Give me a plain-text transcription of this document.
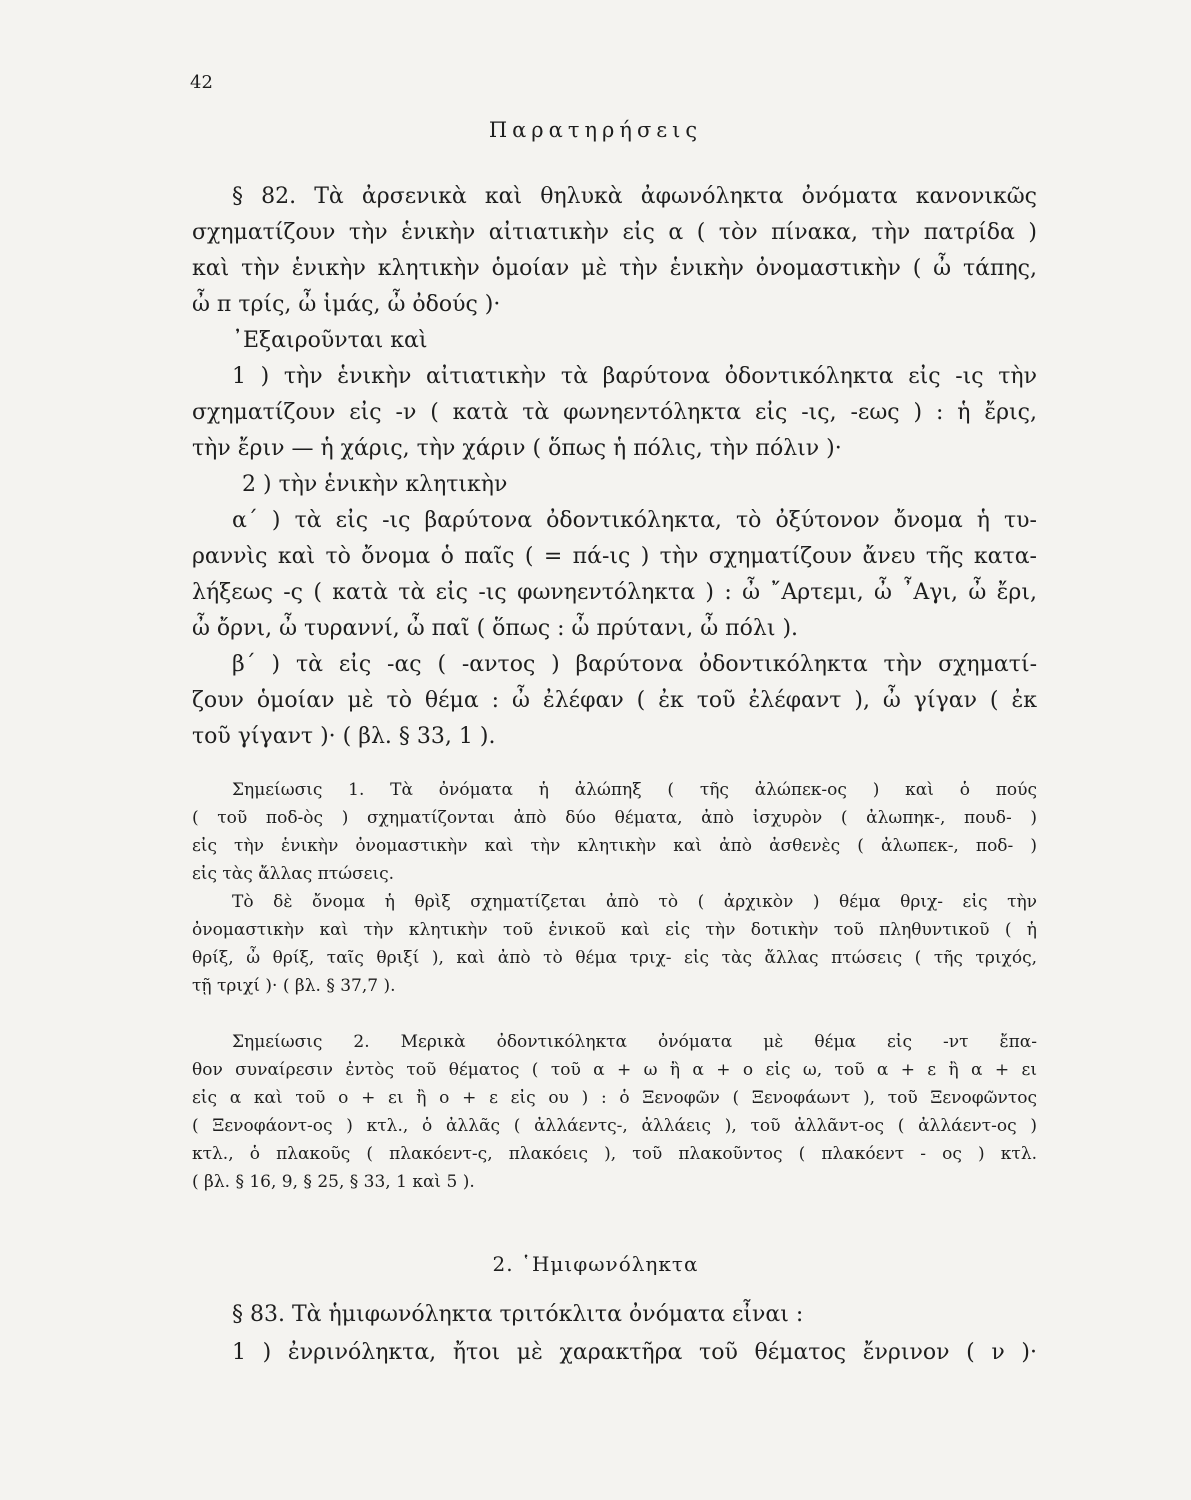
42
Παρατηρήσεις
§ 82. Τὰ ἀρσενικὰ καὶ θηλυκὰ ἀφωνόληκτα ὀνόματα κανονικῶς
σχηματίζουν τὴν ἑνικὴν αἰτιατικὴν εἰς α ( τὸν πίνακα, τὴν πατρίδα )
καὶ τὴν ἑνικὴν κλητικὴν ὁμοίαν μὲ τὴν ἑνικὴν ὀνομαστικὴν ( ὦ τάπης,
ὦ π τρίς, ὦ ἱμάς, ὦ ὀδούς )·
᾿Εξαιροῦνται καὶ
1 ) τὴν ἑνικὴν αἰτιατικὴν τὰ βαρύτονα ὀδοντικόληκτα εἰς -ις τὴν
σχηματίζουν εἰς -ν ( κατὰ τὰ φωνηεντόληκτα εἰς -ις, -εως ) : ἡ ἔρις,
τὴν ἔριν — ἡ χάρις, τὴν χάριν ( ὅπως ἡ πόλις, τὴν πόλιν )·
2 ) τὴν ἑνικὴν κλητικὴν
α΄ ) τὰ εἰς -ις βαρύτονα ὀδοντικόληκτα, τὸ ὀξύτονον ὄνομα ἡ τυ-
ραννὶς καὶ τὸ ὄνομα ὁ παῖς ( = πά-ις ) τὴν σχηματίζουν ἄνευ τῆς κατα-
λήξεως -ς ( κατὰ τὰ εἰς -ις φωνηεντόληκτα ) : ὦ ῎Αρτεμι, ὦ ῏Αγι, ὦ ἔρι,
ὦ ὄρνι, ὦ τυραννί, ὦ παῖ ( ὅπως : ὦ πρύτανι, ὦ πόλι ).
β΄ ) τὰ εἰς -ας ( -αντος ) βαρύτονα ὀδοντικόληκτα τὴν σχηματί-
ζουν ὁμοίαν μὲ τὸ θέμα : ὦ ἐλέφαν ( ἐκ τοῦ ἐλέφαντ ), ὦ γίγαν ( ἐκ
τοῦ γίγαντ )· ( βλ. § 33, 1 ).
Σημείωσις 1. Τὰ ὀνόματα ἡ ἀλώπηξ ( τῆς ἀλώπεκ-ος ) καὶ ὁ πούς
( τοῦ ποδ-ὸς ) σχηματίζονται ἀπὸ δύο θέματα, ἀπὸ ἰσχυρὸν ( ἀλωπηκ-, πουδ- )
εἰς τὴν ἑνικὴν ὀνομαστικὴν καὶ τὴν κλητικὴν καὶ ἀπὸ ἀσθενὲς ( ἀλωπεκ-, ποδ- )
εἰς τὰς ἄλλας πτώσεις.
Τὸ δὲ ὄνομα ἡ θρὶξ σχηματίζεται ἀπὸ τὸ ( ἀρχικὸν ) θέμα θριχ- εἰς τὴν
ὀνομαστικὴν καὶ τὴν κλητικὴν τοῦ ἑνικοῦ καὶ εἰς τὴν δοτικὴν τοῦ πληθυντικοῦ ( ἡ
θρίξ, ὦ θρίξ, ταῖς θριξί ), καὶ ἀπὸ τὸ θέμα τριχ- εἰς τὰς ἄλλας πτώσεις ( τῆς τριχός,
τῇ τριχί )· ( βλ. § 37,7 ).
Σημείωσις 2. Μερικὰ ὀδοντικόληκτα ὀνόματα μὲ θέμα εἰς -ντ ἔπα-
θον συναίρεσιν ἐντὸς τοῦ θέματος ( τοῦ α + ω ἢ α + ο εἰς ω, τοῦ α + ε ἢ α + ει
εἰς α καὶ τοῦ ο + ει ἢ ο + ε εἰς ου ) : ὁ Ξενοφῶν ( Ξενοφάωντ ), τοῦ Ξενοφῶντος
( Ξενοφάοντ-ος ) κτλ., ὁ ἀλλᾶς ( ἀλλάεντς-, ἀλλάεις ), τοῦ ἀλλᾶντ-ος ( ἀλλάεντ-ος )
κτλ., ὁ πλακοῦς ( πλακόεντ-ς, πλακόεις ), τοῦ πλακοῦντος ( πλακόεντ - ος ) κτλ.
( βλ. § 16, 9, § 25, § 33, 1 καὶ 5 ).
2. ῾Ημιφωνόληκτα
§ 83. Τὰ ἡμιφωνόληκτα τριτόκλιτα ὀνόματα εἶναι :
1 ) ἐνρινόληκτα, ἤτοι μὲ χαρακτῆρα τοῦ θέματος ἔνρινον ( ν )·
